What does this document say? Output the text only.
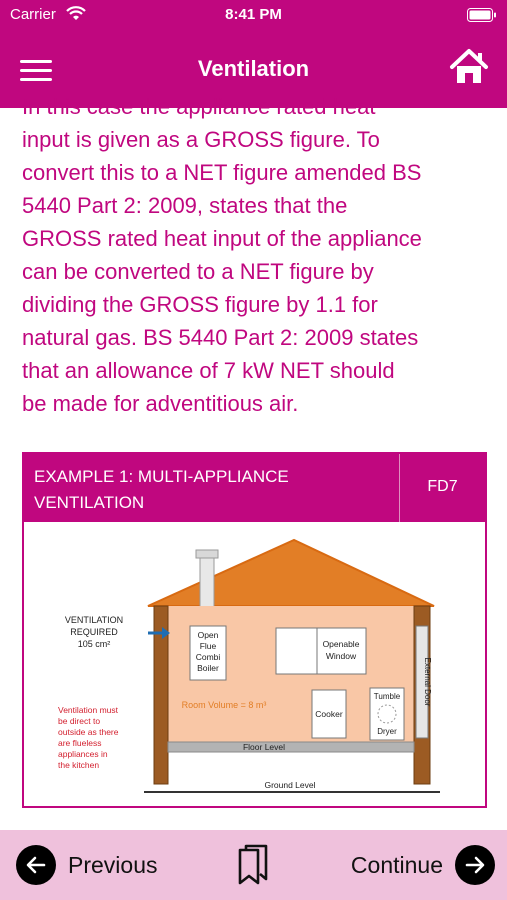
Carrier	8:41 PM
Ventilation
In this case the appliance rated heat
input is given as a GROSS figure. To
convert this to a NET figure amended BS
5440 Part 2: 2009, states that the
GROSS rated heat input of the appliance
can be converted to a NET figure by
dividing the GROSS figure by 1.1 for
natural gas. BS 5440 Part 2: 2009 states
that an allowance of 7 kW NET should
be made for adventitious air.
EXAMPLE 1: MULTI-APPLIANCE
VENTILATION
FD7
External Door
Open
Flue
Combi
Boiler
Openable
Window
Room Volume = 8 m³
Cooker
Tumble
Dryer
Floor Level
Ground Level
VENTILATION
REQUIRED
105 cm²
Ventilation must
be direct to
outside as there
are flueless
appliances in
the kitchen
Previous	Continue
